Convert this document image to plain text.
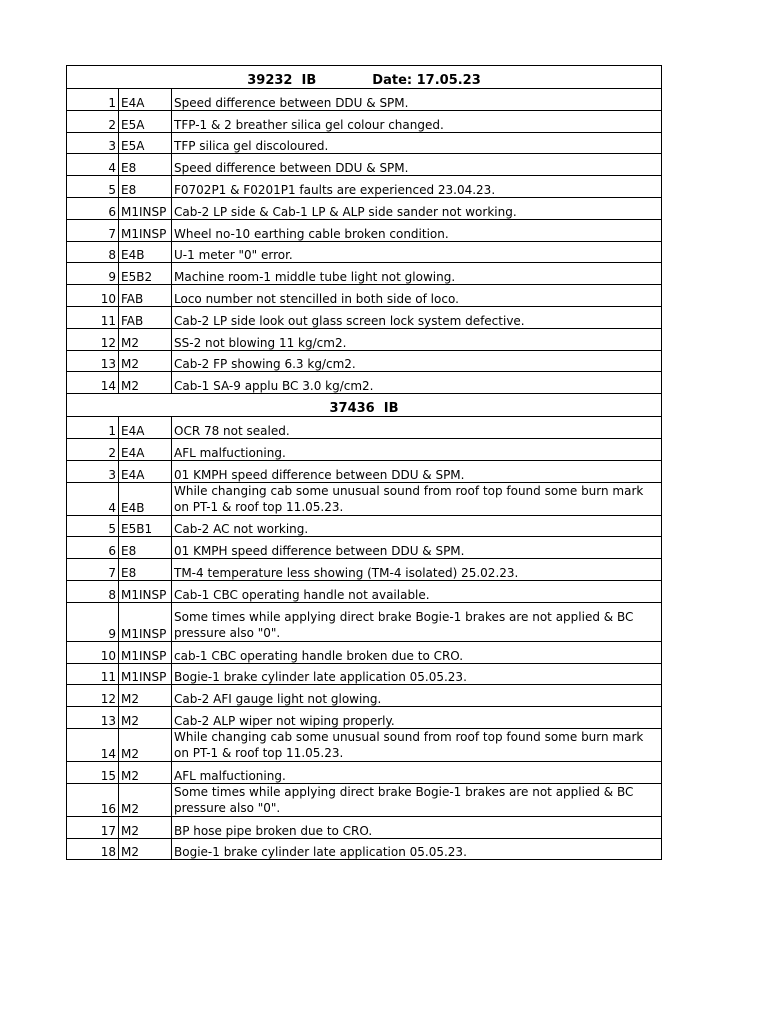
39232 IB Date: 17.05.23		
1	E4A	Speed difference between DDU & SPM.
2	E5A	TFP-1 & 2 breather silica gel colour changed.
3	E5A	TFP silica gel discoloured.
4	E8	Speed difference between DDU & SPM.
5	E8	F0702P1 & F0201P1 faults are experienced 23.04.23.
6	M1INSP	Cab-2 LP side & Cab-1 LP & ALP side sander not working.
7	M1INSP	Wheel no-10 earthing cable broken condition.
8	E4B	U-1 meter "0" error.
9	E5B2	Machine room-1 middle tube light not glowing.
10	FAB	Loco number not stencilled in both side of loco.
11	FAB	Cab-2 LP side look out glass screen lock system defective.
12	M2	SS-2 not blowing 11 kg/cm2.
13	M2	Cab-2 FP showing 6.3 kg/cm2.
14	M2	Cab-1 SA-9 applu BC 3.0 kg/cm2.
37436 IB		
1	E4A	OCR 78 not sealed.
2	E4A	AFL malfuctioning.
3	E4A	01 KMPH speed difference between DDU & SPM.
4	E4B	While changing cab some unusual sound from roof top found some burn mark on PT-1 & roof top 11.05.23.
5	E5B1	Cab-2 AC not working.
6	E8	01 KMPH speed difference between DDU & SPM.
7	E8	TM-4 temperature less showing (TM-4 isolated) 25.02.23.
8	M1INSP	Cab-1 CBC operating handle not available.
9	M1INSP	Some times while applying direct brake Bogie-1 brakes are not applied & BC pressure also "0".
10	M1INSP	cab-1 CBC operating handle broken due to CRO.
11	M1INSP	Bogie-1 brake cylinder late application 05.05.23.
12	M2	Cab-2 AFI gauge light not glowing.
13	M2	Cab-2 ALP wiper not wiping properly.
14	M2	While changing cab some unusual sound from roof top found some burn mark on PT-1 & roof top 11.05.23.
15	M2	AFL malfuctioning.
16	M2	Some times while applying direct brake Bogie-1 brakes are not applied & BC pressure also "0".
17	M2	BP hose pipe broken due to CRO.
18	M2	Bogie-1 brake cylinder late application 05.05.23.
